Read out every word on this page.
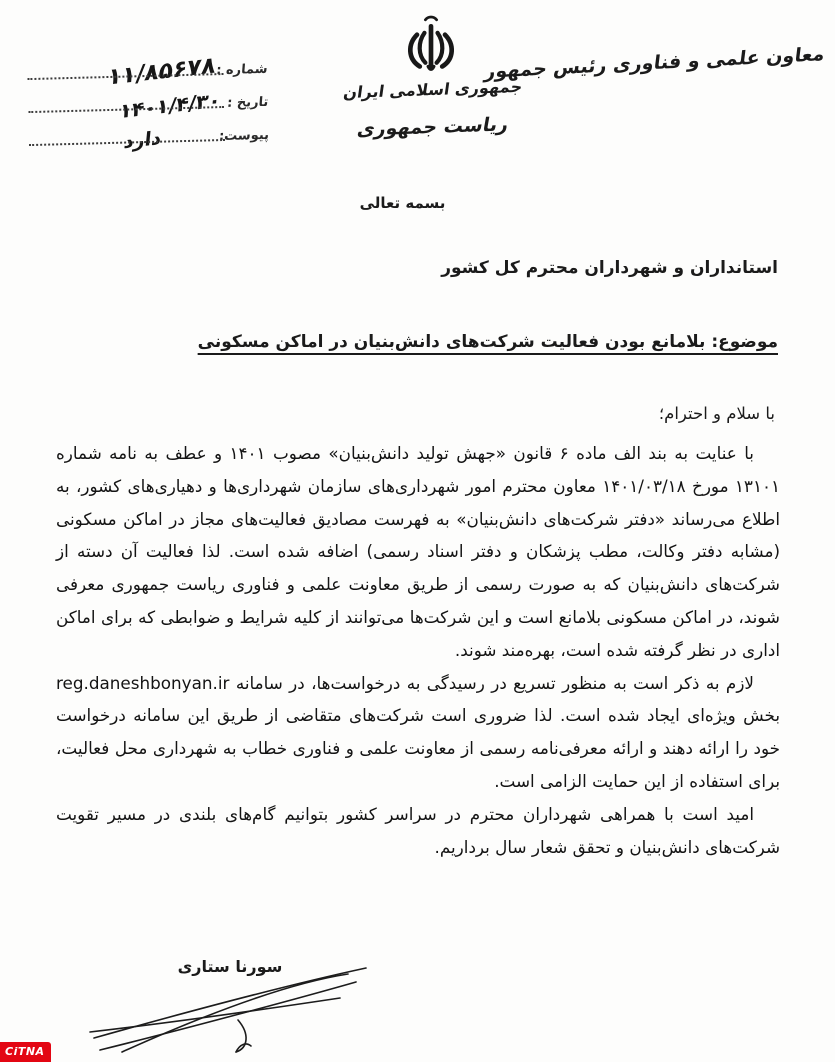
۱۱/۸۵۶۷۸
شماره :
۱۴۰۱/۴/۳۰ تاریخ :
دارد	پیوست:
جمهوری اسلامی ایران
ریاست جمهوری
معاون علمی و فناوری رئیس جمهور
بسمه تعالی
استانداران و شهرداران محترم کل کشور
موضوع: بلامانع بودن فعالیت شرکت‌های دانش‌بنیان در اماکن مسکونی
با سلام و احترام؛

با عنایت به بند الف ماده ۶ قانون «جهش تولید دانش‌بنیان» مصوب ۱۴۰۱ و عطف به نامه شماره ۱۳۱۰۱ مورخ ۱۴۰۱/۰۳/۱۸ معاون محترم امور شهرداری‌های سازمان شهرداری‌ها و دهیاری‌های کشور، به اطلاع می‌رساند «دفتر شرکت‌های دانش‌بنیان» به فهرست مصادیق فعالیت‌های مجاز در اماکن مسکونی (مشابه دفتر وکالت، مطب پزشکان و دفتر اسناد رسمی) اضافه شده است. لذا فعالیت آن دسته از شرکت‌های دانش‌بنیان که به صورت رسمی از طریق معاونت علمی و فناوری ریاست جمهوری معرفی شوند، در اماکن مسکونی بلامانع است و این شرکت‌ها می‌توانند از کلیه شرایط و ضوابطی که برای اماکن اداری در نظر گرفته شده است، بهره‌مند شوند.

لازم به ذکر است به منظور تسریع در رسیدگی به درخواست‌ها، در سامانه reg.daneshbonyan.ir بخش ویژه‌ای ایجاد شده است. لذا ضروری است شرکت‌های متقاضی از طریق این سامانه درخواست خود را ارائه دهند و ارائه معرفی‌نامه رسمی از معاونت علمی و فناوری خطاب به شهرداری محل فعالیت، برای استفاده از این حمایت الزامی است.

امید است با همراهی شهرداران محترم در سراسر کشور بتوانیم گام‌های بلندی در مسیر تقویت شرکت‌های دانش‌بنیان و تحقق شعار سال برداریم.

سورنا ستاری
CiTNA
